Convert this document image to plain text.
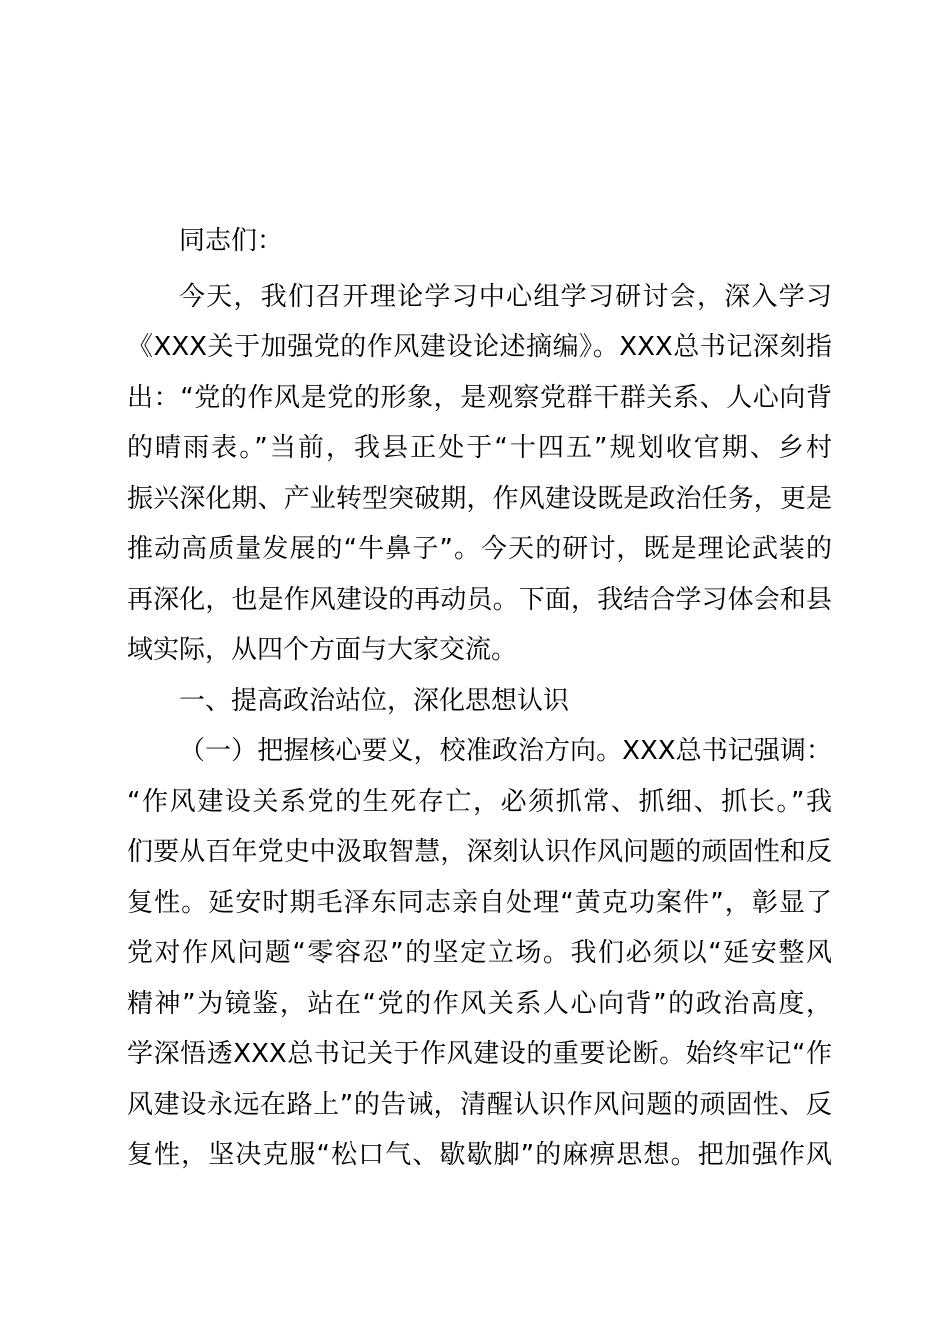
同志们：
今天，我们召开理论学习中心组学习研讨会，深入学习
《XXX关于加强党的作风建设论述摘编》。XXX总书记深刻指
出：“党的作风是党的形象，是观察党群干群关系、人心向背
的晴雨表。”当前，我县正处于“十四五”规划收官期、乡村
振兴深化期、产业转型突破期，作风建设既是政治任务，更是
推动高质量发展的“牛鼻子”。今天的研讨，既是理论武装的
再深化，也是作风建设的再动员。下面，我结合学习体会和县
域实际，从四个方面与大家交流。
一、提高政治站位，深化思想认识
（一）把握核心要义，校准政治方向。XXX总书记强调：
“作风建设关系党的生死存亡，必须抓常、抓细、抓长。”我
们要从百年党史中汲取智慧，深刻认识作风问题的顽固性和反
复性。延安时期毛泽东同志亲自处理“黄克功案件”，彰显了
党对作风问题“零容忍”的坚定立场。我们必须以“延安整风
精神”为镜鉴，站在“党的作风关系人心向背”的政治高度，
学深悟透XXX总书记关于作风建设的重要论断。始终牢记“作
风建设永远在路上”的告诫，清醒认识作风问题的顽固性、反
复性，坚决克服“松口气、歇歇脚”的麻痹思想。把加强作风
